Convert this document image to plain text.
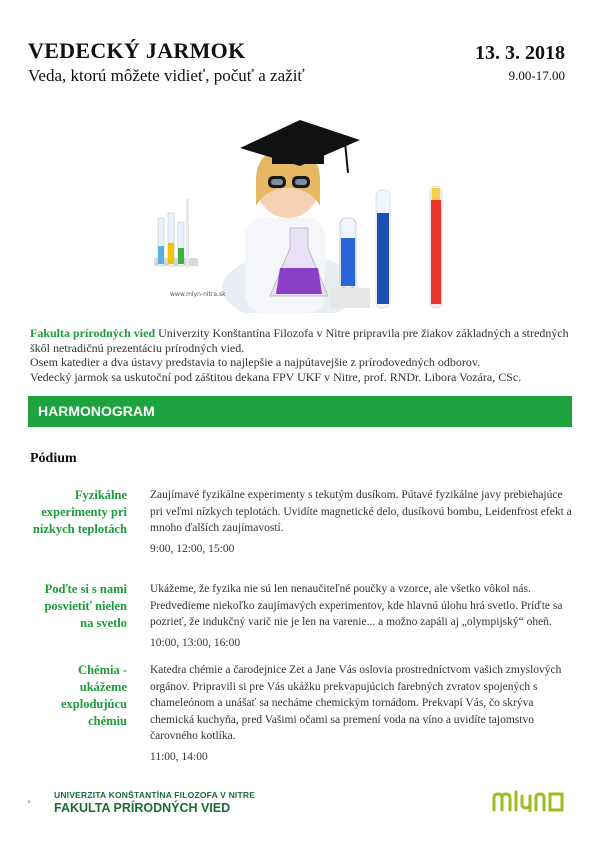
VEDECKÝ JARMOK
Veda, ktorú môžete vidieť, počuť a zažiť
13. 3. 2018
9.00-17.00
www.mlyn-nitra.sk
Fakulta prírodných vied Univerzity Konštantína Filozofa v Nitre pripravila pre žiakov základných a stredných škôl netradičnú prezentáciu prírodných vied.
Osem katedier a dva ústavy predstavia to najlepšie a najpútavejšie z prírodovedných odborov.
Vedecký jarmok sa uskutoční pod záštitou dekana FPV UKF v Nitre, prof. RNDr. Libora Vozára, CSc.
HARMONOGRAM
Pódium
Fyzikálne experimenty pri nízkych teplotách
Zaujímavé fyzikálne experimenty s tekutým dusíkom. Pútavé fyzikálne javy prebiehajúce pri veľmi nízkych teplotách. Uvidíte magnetické delo, dusíkovú bombu, Leidenfrost efekt a mnoho ďalších zaujímavostí.
9:00, 12:00, 15:00
Poďte si s nami posvietiť nielen na svetlo
Ukážeme, že fyzika nie sú len nenaučiteľné poučky a vzorce, ale všetko vôkol nás. Predvedieme niekoľko zaujímavých experimentov, kde hlavnú úlohu hrá svetlo. Príďte sa pozrieť, že indukčný varič nie je len na varenie... a možno zapáli aj „olympijský“ oheň.
10:00, 13:00, 16:00
Chémia - ukážeme explodujúcu chémiu
Katedra chémie a čarodejnice Zet a Jane Vás oslovia prostredníctvom vašich zmyslových orgánov. Pripravili si pre Vás ukážku prekvapujúcich farebných zvratov spojených s chameleónom a unášať sa necháme chemickým tornádom. Prekvapí Vás, čo skrýva chemická kuchyňa, pred Vašimi očami sa premení voda na víno a uvidíte tajomstvo čarovného kotlíka.
11:00, 14:00
UNIVERZITA KONŠTANTÍNA FILOZOFA V NITRE
FAKULTA PRÍRODNÝCH VIED
